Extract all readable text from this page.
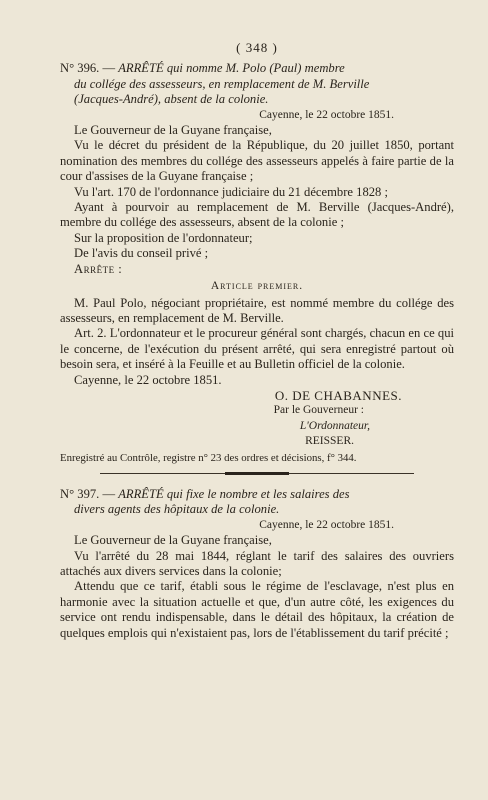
( 348 )

N° 396. — ARRÊTÉ qui nomme M. Polo (Paul) membre

du collége des assesseurs, en remplacement de M. Berville

(Jacques-André), absent de la colonie.

Cayenne, le 22 octobre 1851.

Le Gouverneur de la Guyane française,

Vu le décret du président de la République, du 20 juillet 1850, portant nomination des membres du collége des assesseurs appelés à faire partie de la cour d'assises de la Guyane française ;

Vu l'art. 170 de l'ordonnance judiciaire du 21 décembre 1828 ;

Ayant à pourvoir au remplacement de M. Berville (Jacques-André), membre du collége des assesseurs, absent de la colonie ;

Sur la proposition de l'ordonnateur;

De l'avis du conseil privé ;

Arrête :

Article premier.

M. Paul Polo, négociant propriétaire, est nommé membre du collége des assesseurs, en remplacement de M. Berville.

Art. 2. L'ordonnateur et le procureur général sont chargés, chacun en ce qui le concerne, de l'exécution du présent arrêté, qui sera enregistré partout où besoin sera, et inséré à la Feuille et au Bulletin officiel de la colonie.

Cayenne, le 22 octobre 1851.

O. DE CHABANNES.
Par le Gouverneur :
L'Ordonnateur,
REISSER.

Enregistré au Contrôle, registre n° 23 des ordres et décisions, f° 344.

N° 397. — ARRÊTÉ qui fixe le nombre et les salaires des

divers agents des hôpitaux de la colonie.

Cayenne, le 22 octobre 1851.

Le Gouverneur de la Guyane française,

Vu l'arrêté du 28 mai 1844, réglant le tarif des salaires des ouvriers attachés aux divers services dans la colonie;

Attendu que ce tarif, établi sous le régime de l'esclavage, n'est plus en harmonie avec la situation actuelle et que, d'un autre côté, les exigences du service ont rendu indispensable, dans le détail des hôpitaux, la création de quelques emplois qui n'existaient pas, lors de l'établissement du tarif précité ;
